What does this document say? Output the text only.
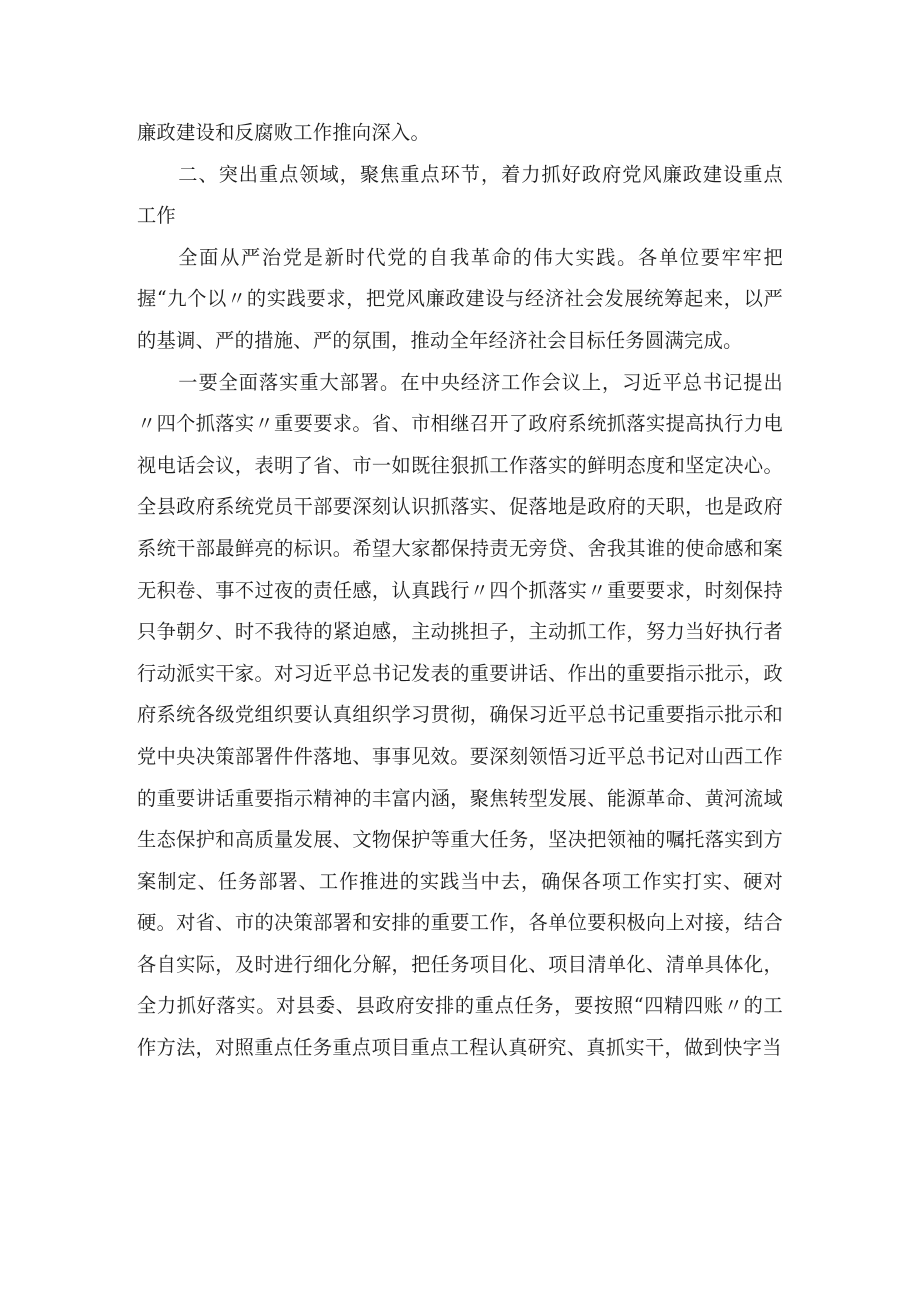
廉政建设和反腐败工作推向深入。

二、突出重点领域，聚焦重点环节，着力抓好政府党风廉政建设重点工作

全面从严治党是新时代党的自我革命的伟大实践。各单位要牢牢把握“九个以〃的实践要求，把党风廉政建设与经济社会发展统筹起来，以严的基调、严的措施、严的氛围，推动全年经济社会目标任务圆满完成。

一要全面落实重大部署。在中央经济工作会议上，习近平总书记提出〃四个抓落实〃重要要求。省、市相继召开了政府系统抓落实提高执行力电视电话会议，表明了省、市一如既往狠抓工作落实的鲜明态度和坚定决心。全县政府系统党员干部要深刻认识抓落实、促落地是政府的天职，也是政府系统干部最鲜亮的标识。希望大家都保持责无旁贷、舍我其谁的使命感和案无积卷、事不过夜的责任感，认真践行〃四个抓落实〃重要要求，时刻保持只争朝夕、时不我待的紧迫感，主动挑担子，主动抓工作，努力当好执行者行动派实干家。对习近平总书记发表的重要讲话、作出的重要指示批示，政府系统各级党组织要认真组织学习贯彻，确保习近平总书记重要指示批示和党中央决策部署件件落地、事事见效。要深刻领悟习近平总书记对山西工作的重要讲话重要指示精神的丰富内涵，聚焦转型发展、能源革命、黄河流域生态保护和高质量发展、文物保护等重大任务，坚决把领袖的嘱托落实到方案制定、任务部署、工作推进的实践当中去，确保各项工作实打实、硬对硬。对省、市的决策部署和安排的重要工作，各单位要积极向上对接，结合各自实际，及时进行细化分解，把任务项目化、项目清单化、清单具体化，全力抓好落实。对县委、县政府安排的重点任务，要按照“四精四账〃的工作方法，对照重点任务重点项目重点工程认真研究、真抓实干，做到快字当
